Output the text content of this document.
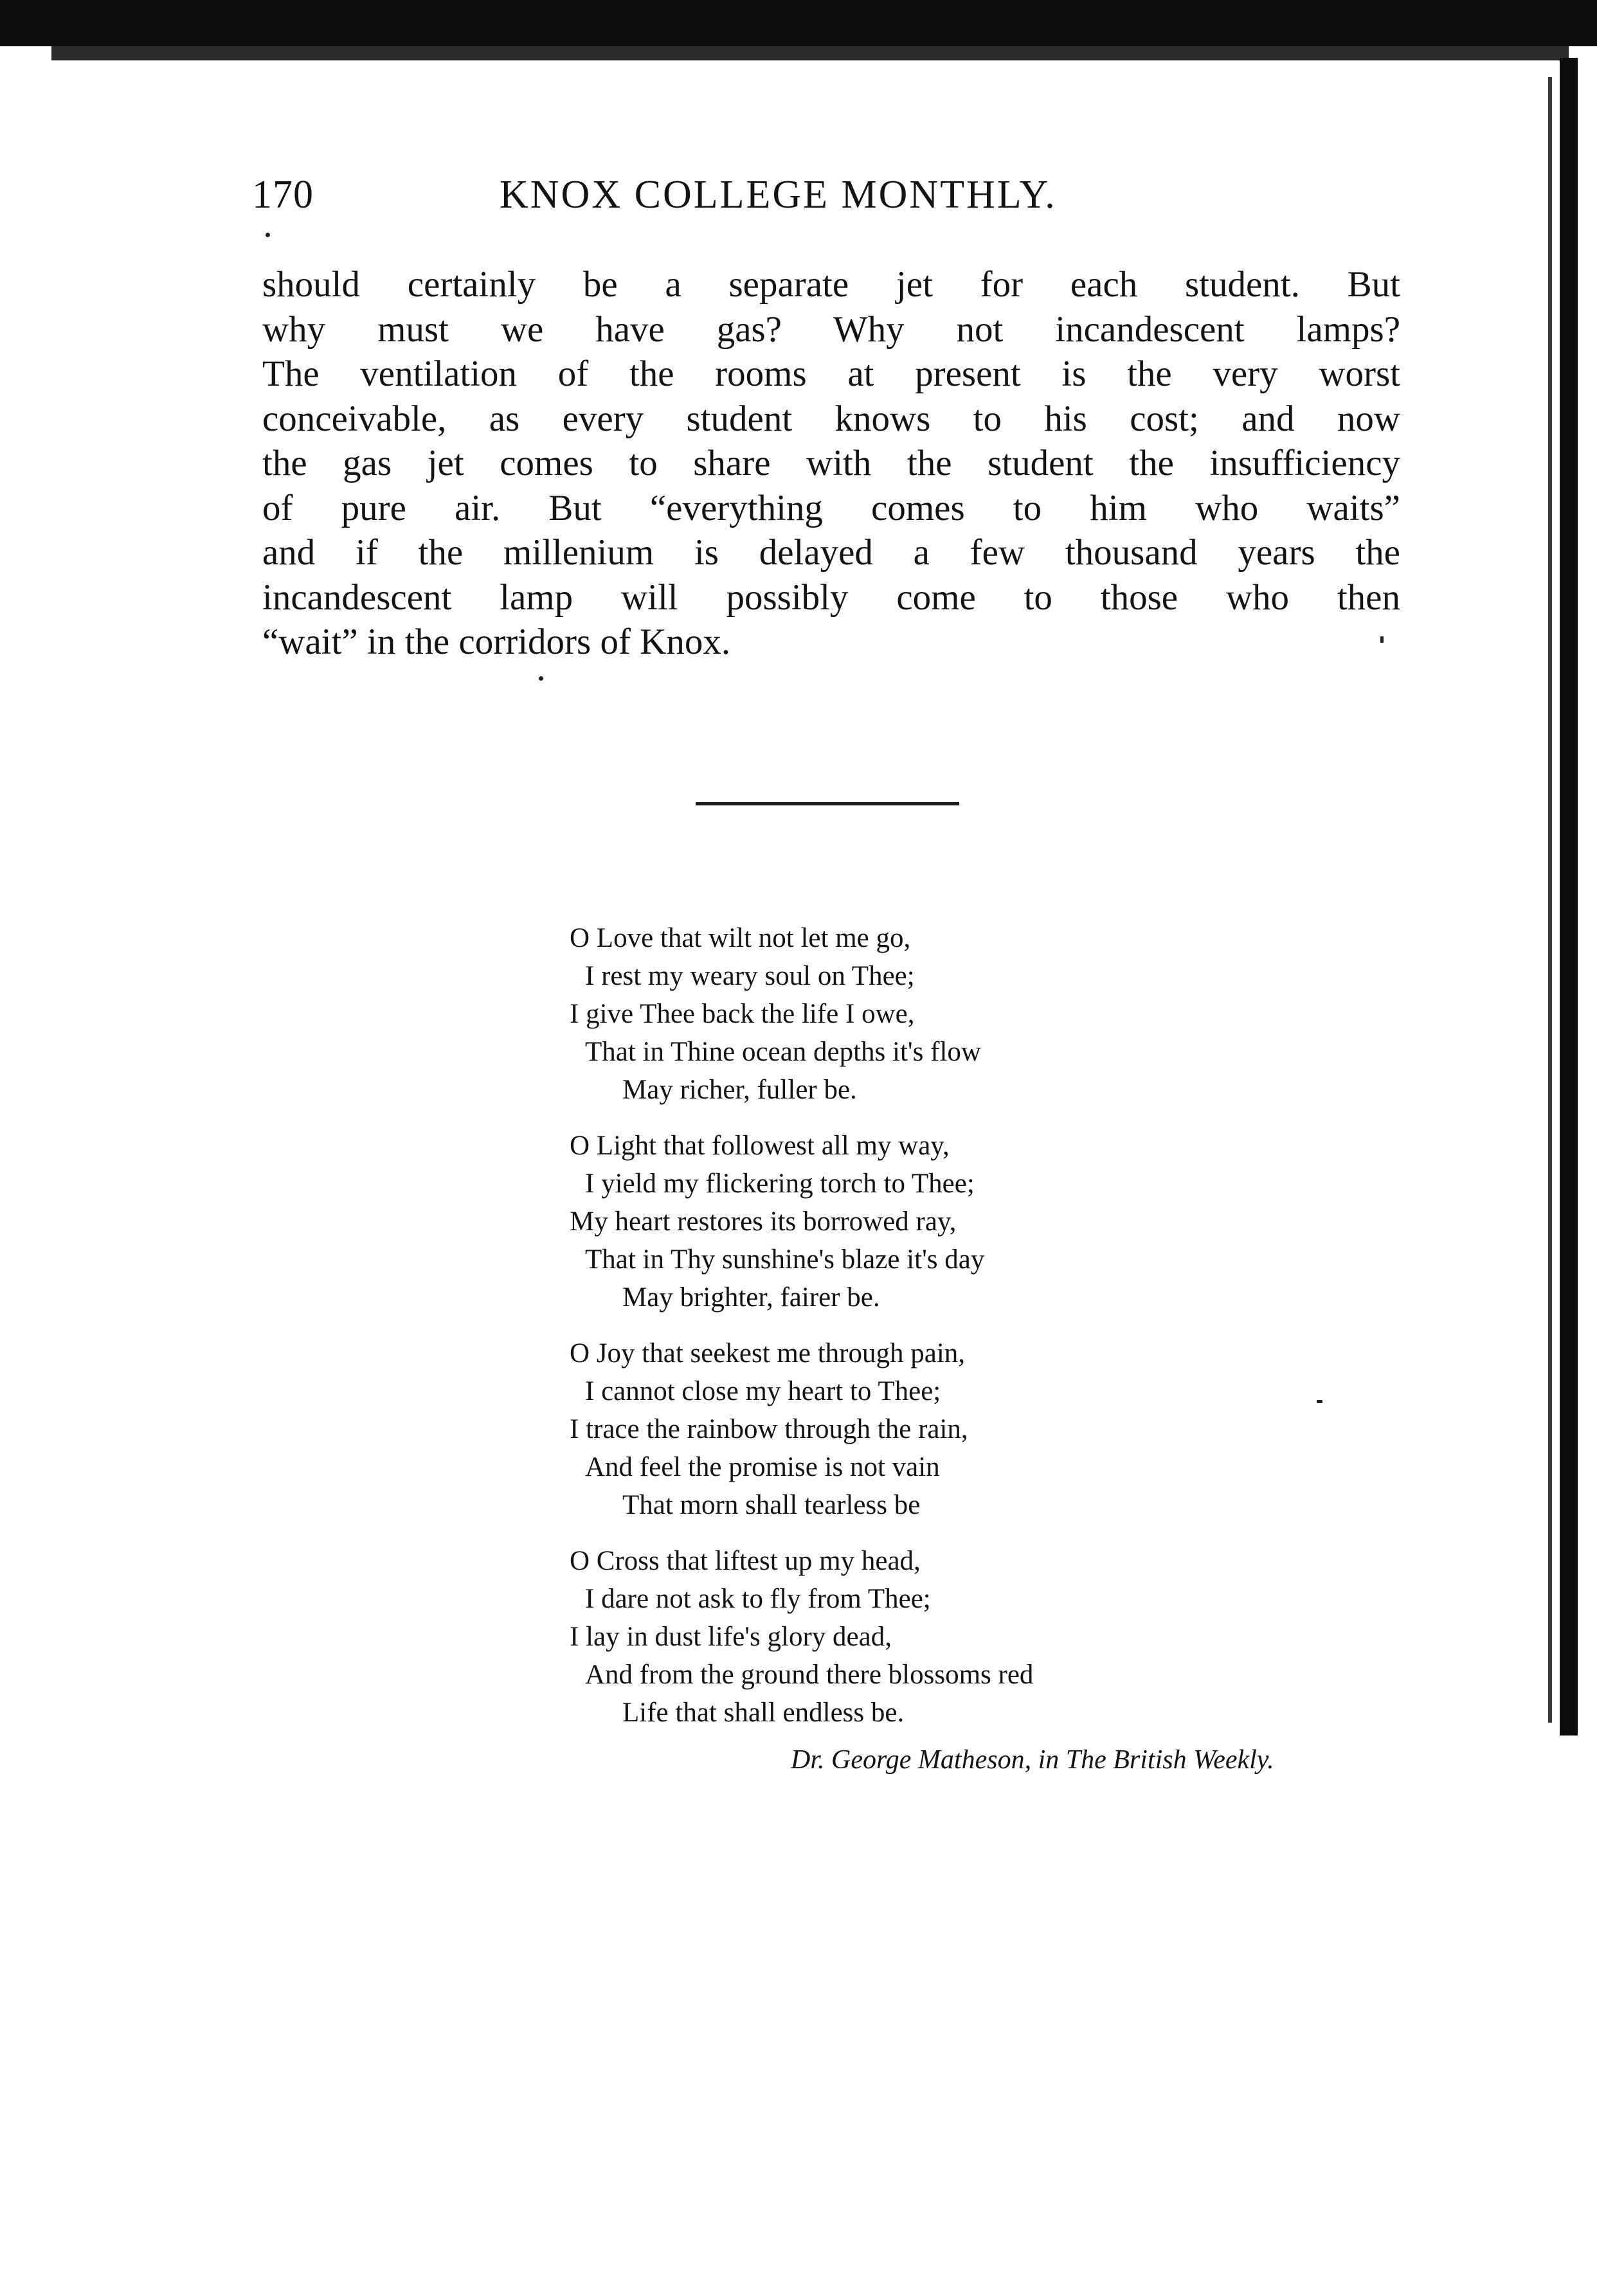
170	KNOX COLLEGE MONTHLY.
should certainly be a separate jet for each student. But
why must we have gas? Why not incandescent lamps?
The ventilation of the rooms at present is the very worst
conceivable, as every student knows to his cost; and now
the gas jet comes to share with the student the insufficiency
of pure air. But “everything comes to him who waits”
and if the millenium is delayed a few thousand years the
incandescent lamp will possibly come to those who then
“wait” in the corridors of Knox.
O Love that wilt not let me go,
I rest my weary soul on Thee;
I give Thee back the life I owe,
That in Thine ocean depths it's flow
May richer, fuller be.
O Light that followest all my way,
I yield my flickering torch to Thee;
My heart restores its borrowed ray,
That in Thy sunshine's blaze it's day
May brighter, fairer be.
O Joy that seekest me through pain,
I cannot close my heart to Thee;
I trace the rainbow through the rain,
And feel the promise is not vain
That morn shall tearless be
O Cross that liftest up my head,
I dare not ask to fly from Thee;
I lay in dust life's glory dead,
And from the ground there blossoms red
Life that shall endless be.
Dr. George Matheson, in The British Weekly.
